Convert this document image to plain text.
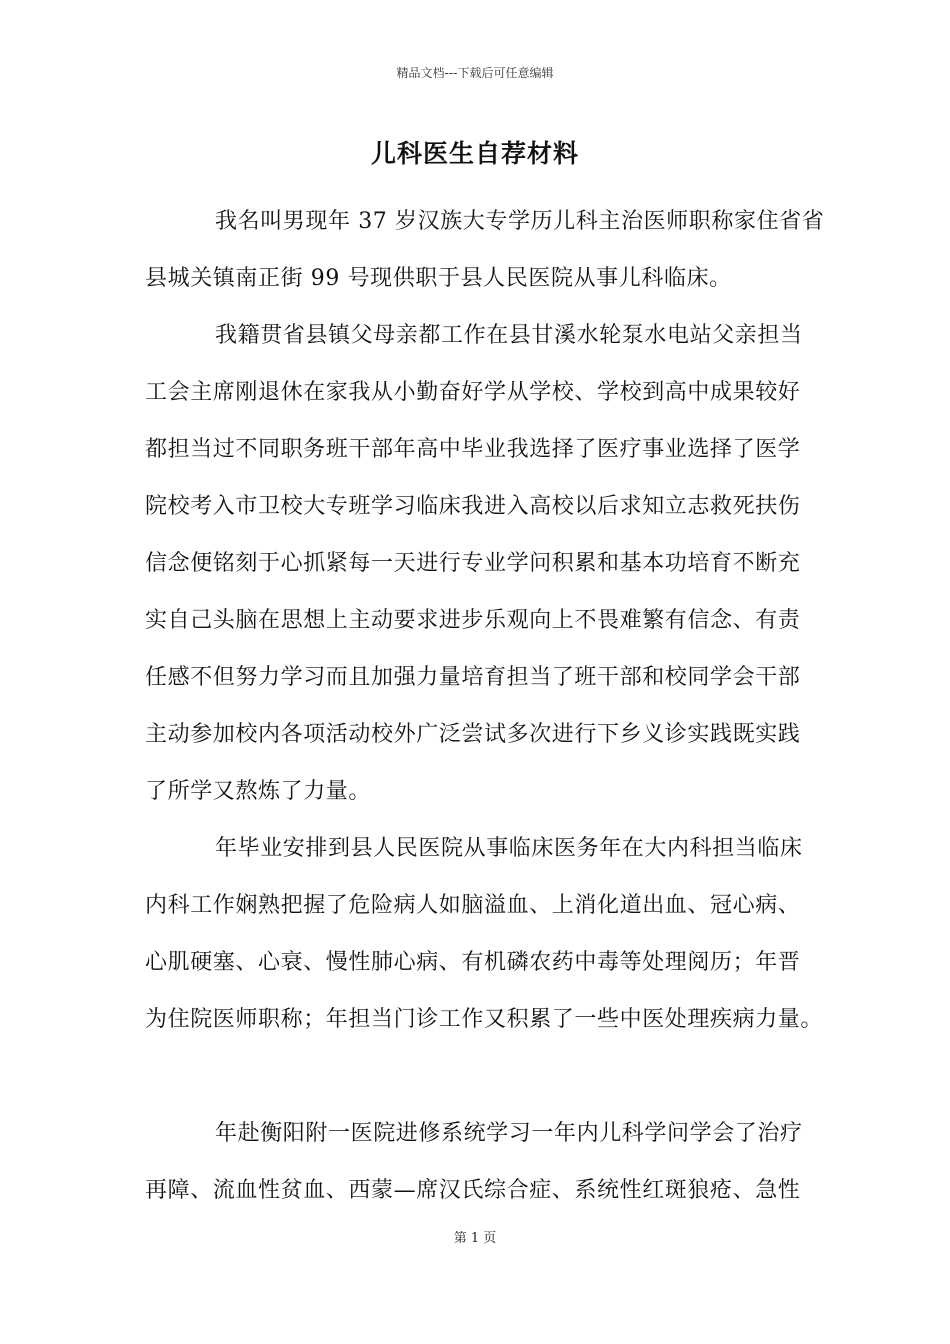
精品文档---下载后可任意编辑
儿科医生自荐材料
我名叫男现年 37 岁汉族大专学历儿科主治医师职称家住省省
县城关镇南正街 99 号现供职于县人民医院从事儿科临床。
我籍贯省县镇父母亲都工作在县甘溪水轮泵水电站父亲担当
工会主席刚退休在家我从小勤奋好学从学校、学校到高中成果较好
都担当过不同职务班干部年高中毕业我选择了医疗事业选择了医学
院校考入市卫校大专班学习临床我进入高校以后求知立志救死扶伤
信念便铭刻于心抓紧每一天进行专业学问积累和基本功培育不断充
实自己头脑在思想上主动要求进步乐观向上不畏难繁有信念、有责
任感不但努力学习而且加强力量培育担当了班干部和校同学会干部
主动参加校内各项活动校外广泛尝试多次进行下乡义诊实践既实践
了所学又熬炼了力量。
年毕业安排到县人民医院从事临床医务年在大内科担当临床
内科工作娴熟把握了危险病人如脑溢血、上消化道出血、冠心病、
心肌硬塞、心衰、慢性肺心病、有机磷农药中毒等处理阅历；年晋
为住院医师职称；年担当门诊工作又积累了一些中医处理疾病力量。
年赴衡阳附一医院进修系统学习一年内儿科学问学会了治疗
再障、流血性贫血、西蒙—席汉氏综合症、系统性红斑狼疮、急性
第 1 页
